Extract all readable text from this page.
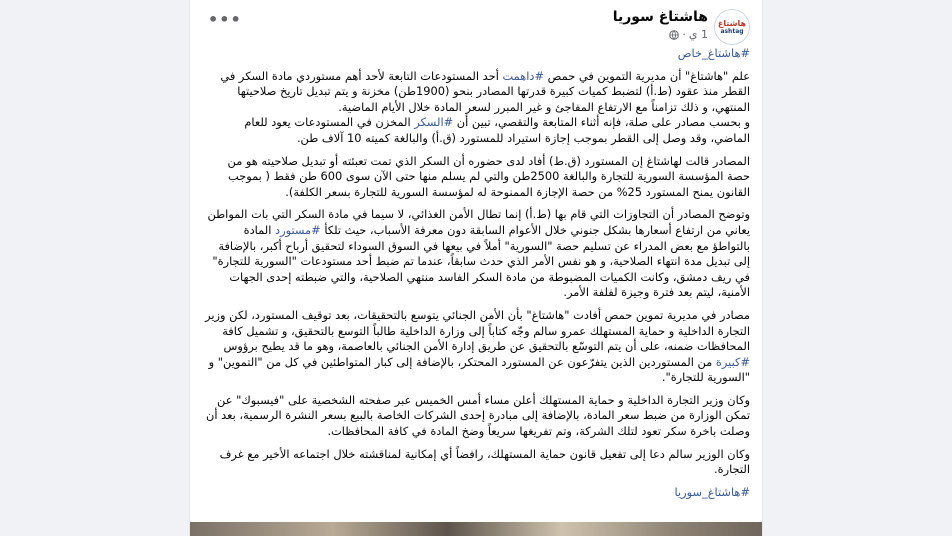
•••	هاشتاغ
ashtag
هاشتاغ سوريا
1 ي
·

#هاشتاغ_خاص

علم "هاشتاغ" أن مديرية التموين في حمص #داهمت أحد المستودعات التابعة لأحد أهم مستوردي مادة السكر في القطر منذ عقود (ط.أ) لتضبط كميات كبيرة قدرتها المصادر بنحو (1900طن) مخزنة و يتم تبديل تاريخ صلاحيتها المنتهي، و ذلك تزامناً مع الارتفاع المفاجئ و غير المبرر لسعر المادة خلال الأيام الماضية.
و بحسب مصادر على صلة، فإنه أثناء المتابعة والتقصي، تبين أن #السكر المخزن في المستودعات يعود للعام الماضي، وقد وصل إلى القطر بموجب إجازة استيراد للمستورد (ق.أ) والبالغة كميته 10 آلاف طن.

المصادر قالت لهاشتاغ إن المستورد (ق.ط) أفاد لدى حضوره أن السكر الذي تمت تعبئته أو تبديل صلاحيته هو من حصة المؤسسة السورية للتجارة والبالغة 2500طن والتي لم يسلم منها حتى الآن سوى 600 طن فقط ( بموجب القانون يمنح المستورد 25% من حصة الإجازة الممنوحة له لمؤسسة السورية للتجارة بسعر الكلفة).

وتوضح المصادر أن التجاوزات التي قام بها (ط.أ) إنما تطال الأمن الغذائي، لا سيما في مادة السكر التي بات المواطن يعاني من ارتفاع أسعارها بشكل جنوني خلال الأعوام السابقة دون معرفة الأسباب، حيث تلكأ #مستورد المادة بالتواطؤ مع بعض المدراء عن تسليم حصة "السورية" أملاً في بيعها في السوق السوداء لتحقيق أرباح أكبر، بالإضافة إلى تبديل مدة انتهاء الصلاحية، و هو نفس الأمر الذي حدث سابقاً، عندما تم ضبط أحد مستودعات "السورية للتجارة" في ريف دمشق، وكانت الكميات المضبوطة من مادة السكر الفاسد منتهي الصلاحية، والتي ضبطته إحدى الجهات الأمنية، ليتم بعد فترة وجيزة لفلفة الأمر.

مصادر في مديرية تموين حمص أفادت "هاشتاغ" بأن الأمن الجنائي يتوسع بالتحقيقات، بعد توقيف المستورد، لكن وزير التجارة الداخلية و حماية المستهلك عمرو سالم وجّه كتاباً إلى وزارة الداخلية طالباً التوسع بالتحقيق، و تشميل كافة المحافظات ضمنه، على أن يتم التوسّع بالتحقيق عن طريق إدارة الأمن الجنائي بالعاصمة، وهو ما قد يطيح برؤوس #كبيرة من المستوردين الذين يتفرّعون عن المستورد المحتكر، بالإضافة إلى كبار المتواطئين في كل من "التموين" و "السورية للتجارة".

وكان وزير التجارة الداخلية و حماية المستهلك أعلن مساء أمس الخميس عبر صفحته الشخصية على "فيسبوك" عن تمكن الوزارة من ضبط سعر المادة، بالإضافة إلى مبادرة إحدى الشركات الخاصة بالبيع بسعر النشرة الرسمية، بعد أن وصلت باخرة سكر تعود لتلك الشركة، وتم تفريغها سريعاً وضخ المادة في كافة المحافظات.

وكان الوزير سالم دعا إلى تفعيل قانون حماية المستهلك، رافضاً أي إمكانية لمناقشته خلال اجتماعه الأخير مع غرف التجارة.

#هاشتاغ_سوريا
